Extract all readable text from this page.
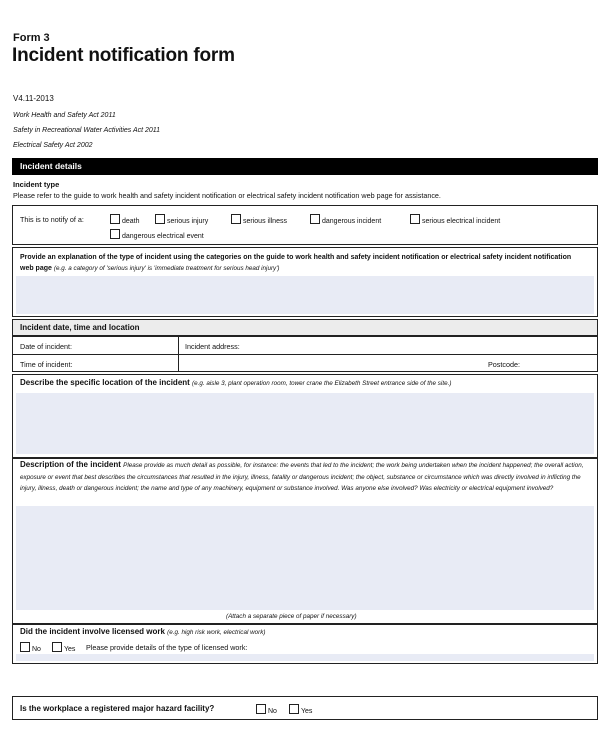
Form 3
Incident notification form
V4.11-2013
Work Health and Safety Act 2011
Safety in Recreational Water Activities Act 2011
Electrical Safety Act 2002
Incident details
Incident type
Please refer to the guide to work health and safety incident notification or electrical safety incident notification web page for assistance.
This is to notify of a:	death	serious injury	serious illness	dangerous incident	serious electrical incident
dangerous electrical event
Provide an explanation of the type of incident using the categories on the guide to work health and safety incident notification or electrical safety incident notification web page (e.g. a category of 'serious injury' is 'immediate treatment for serious head injury')
Incident date, time and location
Date of incident:	Incident address:
Time of incident:	Postcode:
Describe the specific location of the incident (e.g. aisle 3, plant operation room, tower crane the Elizabeth Street entrance side of the site.)
Description of the incident Please provide as much detail as possible, for instance: the events that led to the incident; the work being undertaken when the incident happened; the overall action, exposure or event that best describes the circumstances that resulted in the injury, illness, fatality or dangerous incident; the object, substance or circumstance which was directly involved in inflicting the injury, illness, death or dangerous incident; the name and type of any machinery, equipment or substance involved. Was anyone else involved? Was electricity or electrical equipment involved?
(Attach a separate piece of paper if necessary)
Did the incident involve licensed work (e.g. high risk work, electrical work)
No	Yes Please provide details of the type of licensed work:
Is the workplace a registered major hazard facility?	No	Yes
